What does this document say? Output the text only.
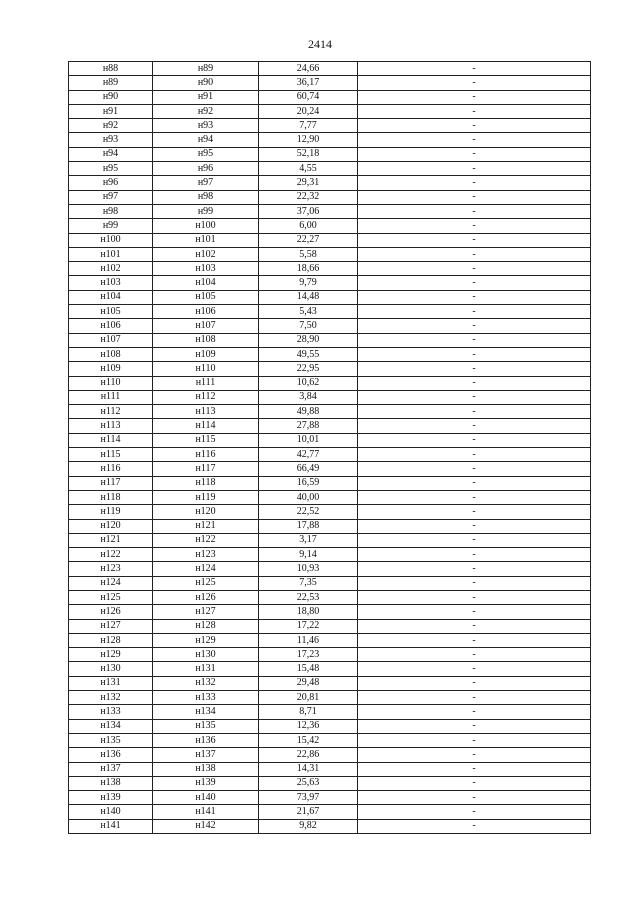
2414
н88	н89	24,66	-
н89	н90	36,17	-
н90	н91	60,74	-
н91	н92	20,24	-
н92	н93	7,77	-
н93	н94	12,90	-
н94	н95	52,18	-
н95	н96	4,55	-
н96	н97	29,31	-
н97	н98	22,32	-
н98	н99	37,06	-
н99	н100	6,00	-
н100	н101	22,27	-
н101	н102	5,58	-
н102	н103	18,66	-
н103	н104	9,79	-
н104	н105	14,48	-
н105	н106	5,43	-
н106	н107	7,50	-
н107	н108	28,90	-
н108	н109	49,55	-
н109	н110	22,95	-
н110	н111	10,62	-
н111	н112	3,84	-
н112	н113	49,88	-
н113	н114	27,88	-
н114	н115	10,01	-
н115	н116	42,77	-
н116	н117	66,49	-
н117	н118	16,59	-
н118	н119	40,00	-
н119	н120	22,52	-
н120	н121	17,88	-
н121	н122	3,17	-
н122	н123	9,14	-
н123	н124	10,93	-
н124	н125	7,35	-
н125	н126	22,53	-
н126	н127	18,80	-
н127	н128	17,22	-
н128	н129	11,46	-
н129	н130	17,23	-
н130	н131	15,48	-
н131	н132	29,48	-
н132	н133	20,81	-
н133	н134	8,71	-
н134	н135	12,36	-
н135	н136	15,42	-
н136	н137	22,86	-
н137	н138	14,31	-
н138	н139	25,63	-
н139	н140	73,97	-
н140	н141	21,67	-
н141	н142	9,82	-
